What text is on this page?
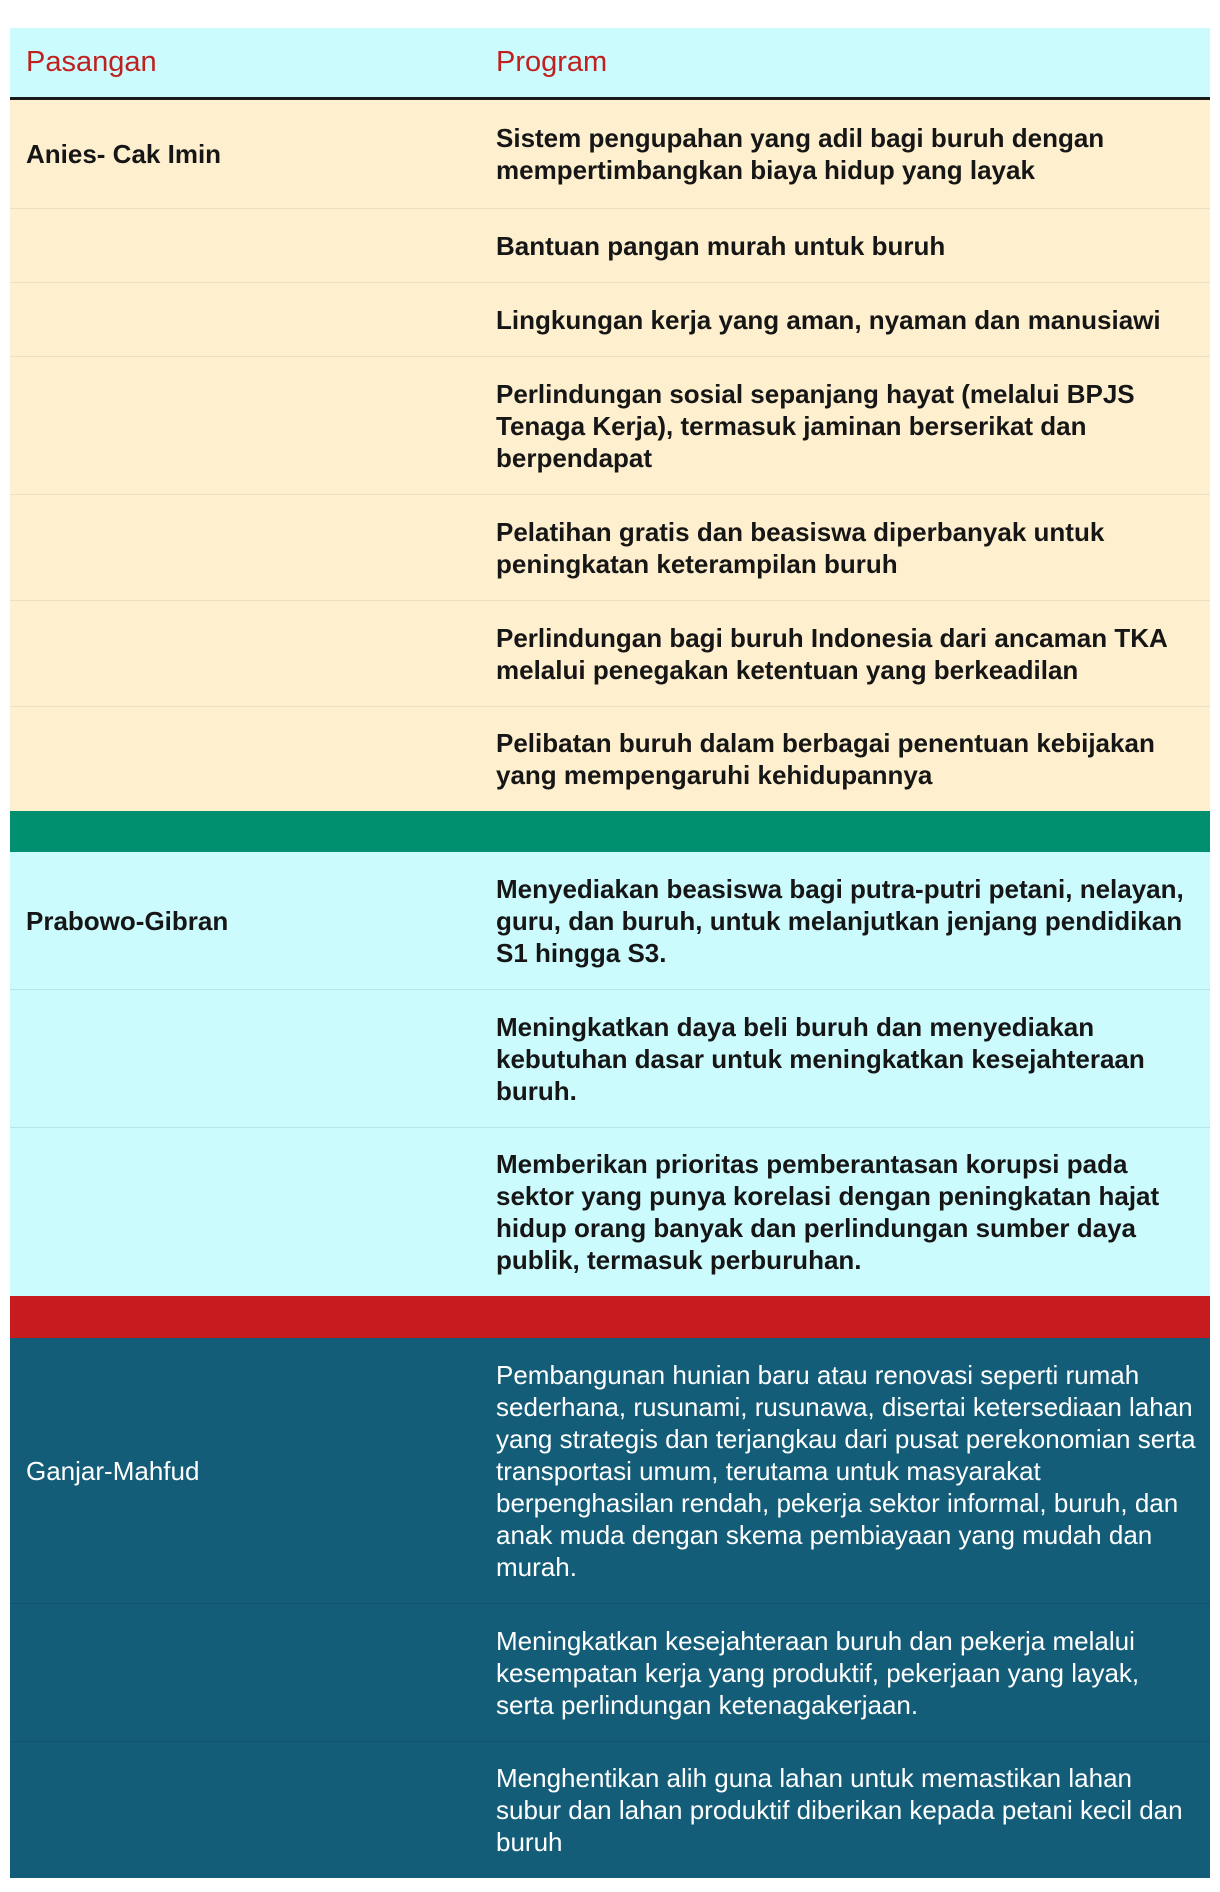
Pasangan	Program
Anies- Cak Imin
Sistem pengupahan yang adil bagi buruh dengan mempertimbangkan biaya hidup yang layak
Bantuan pangan murah untuk buruh
Lingkungan kerja yang aman, nyaman dan manusiawi
Perlindungan sosial sepanjang hayat (melalui BPJS Tenaga Kerja), termasuk jaminan berserikat dan berpendapat
Pelatihan gratis dan beasiswa diperbanyak untuk peningkatan keterampilan buruh
Perlindungan bagi buruh Indonesia dari ancaman TKA melalui penegakan ketentuan yang berkeadilan
Pelibatan buruh dalam berbagai penentuan kebijakan yang mempengaruhi kehidupannya
Prabowo-Gibran
Menyediakan beasiswa bagi putra-putri petani, nelayan, guru, dan buruh, untuk melanjutkan jenjang pendidikan S1 hingga S3.
Meningkatkan daya beli buruh dan menyediakan kebutuhan dasar untuk meningkatkan kesejahteraan buruh.
Memberikan prioritas pemberantasan korupsi pada sektor yang punya korelasi dengan peningkatan hajat hidup orang banyak dan perlindungan sumber daya publik, termasuk perburuhan.
Ganjar-Mahfud
Pembangunan hunian baru atau renovasi seperti rumah sederhana, rusunami, rusunawa, disertai ketersediaan lahan yang strategis dan terjangkau dari pusat perekonomian serta transportasi umum, terutama untuk masyarakat berpenghasilan rendah, pekerja sektor informal, buruh, dan anak muda dengan skema pembiayaan yang mudah dan murah.
Meningkatkan kesejahteraan buruh dan pekerja melalui kesempatan kerja yang produktif, pekerjaan yang layak, serta perlindungan ketenagakerjaan.
Menghentikan alih guna lahan untuk memastikan lahan subur dan lahan produktif diberikan kepada petani kecil dan buruh
